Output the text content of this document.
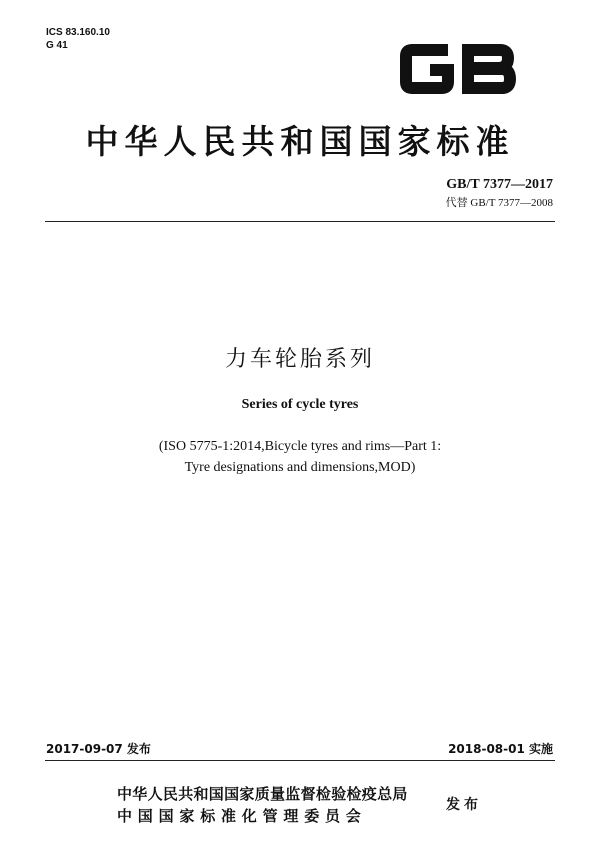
ICS 83.160.10
G 41
中华人民共和国国家标准
GB/T 7377—2017
代替 GB/T 7377—2008
力车轮胎系列
Series of cycle tyres
(ISO 5775-1:2014,Bicycle tyres and rims—Part 1:
Tyre designations and dimensions,MOD)
2017-09-07 发布	2018-08-01 实施
中华人民共和国国家质量监督检验检疫总局
中国国家标准化管理委员会
发布
